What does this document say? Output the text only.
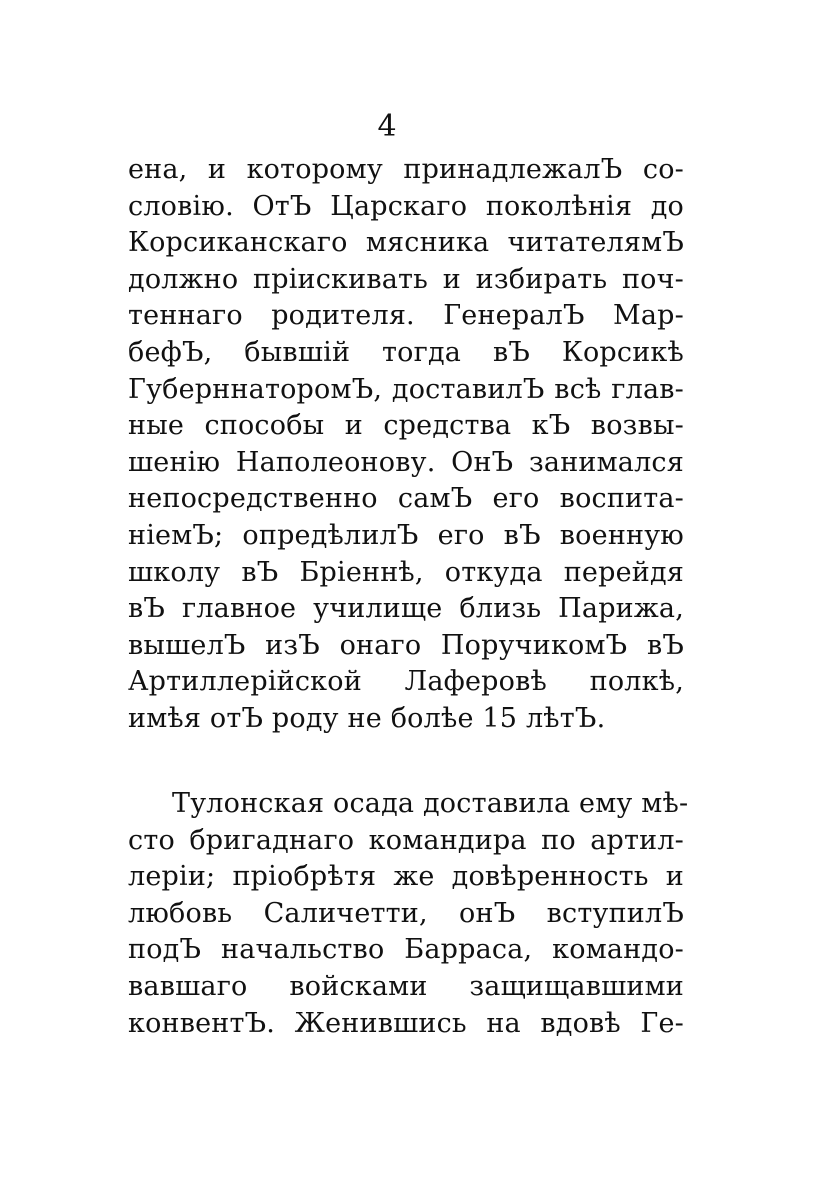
4
ена, и которому принадлежалЪ со-
словію. ОтЪ Царскаго поколѣнія до
Корсиканскаго мясника читателямЪ
должно пріискивать и избирать поч-
теннаго родителя. ГенералЪ Мар-
бефЪ, бывшій тогда вЪ Корсикѣ
ГуберннаторомЪ, доставилЪ всѣ глав-
ные способы и средства кЪ возвы-
шенію Наполеонову. ОнЪ занимался
непосредственно самЪ его воспита-
ніемЪ; опредѣлилЪ его вЪ военную
школу вЪ Бріеннѣ, откуда перейдя
вЪ главное училище близь Парижа,
вышелЪ изЪ онаго ПоручикомЪ вЪ
Артиллерійской Лаферовѣ полкѣ,
имѣя отЪ роду не болѣе 15 лѣтЪ.
Тулонская осада доставила ему мѣ-
сто бригаднаго командира по артил-
леріи; пріобрѣтя же довѣренность и
любовь Саличетти, онЪ вступилЪ
подЪ начальство Барраса, командо-
вавшаго войсками защищавшими
конвентЪ. Женившись на вдовѣ Ге-
